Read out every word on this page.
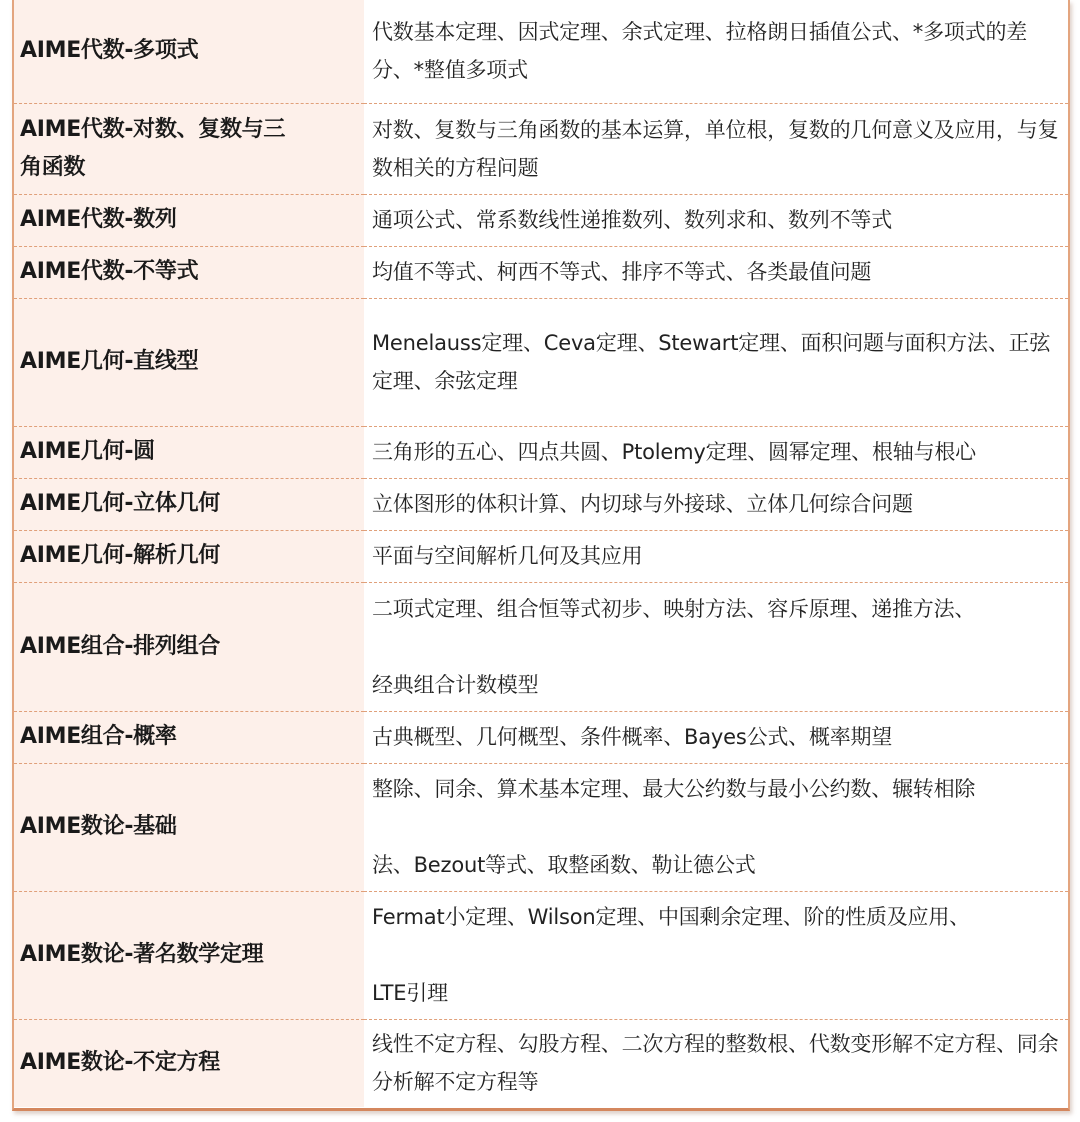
AIME代数-多项式	代数基本定理、因式定理、余式定理、拉格朗日插值公式、*多项式的差分、*整值多项式
AIME代数-对数、复数与三角函数	对数、复数与三角函数的基本运算，单位根，复数的几何意义及应用，与复数相关的方程问题
AIME代数-数列	通项公式、常系数线性递推数列、数列求和、数列不等式
AIME代数-不等式	均值不等式、柯西不等式、排序不等式、各类最值问题
AIME几何-直线型	Menelauss定理、Ceva定理、Stewart定理、面积问题与面积方法、正弦定理、余弦定理
AIME几何-圆	三角形的五心、四点共圆、Ptolemy定理、圆幂定理、根轴与根心
AIME几何-立体几何	立体图形的体积计算、内切球与外接球、立体几何综合问题
AIME几何-解析几何	平面与空间解析几何及其应用
AIME组合-排列组合	二项式定理、组合恒等式初步、映射方法、容斥原理、递推方法、
经典组合计数模型
AIME组合-概率	古典概型、几何概型、条件概率、Bayes公式、概率期望
AIME数论-基础	整除、同余、算术基本定理、最大公约数与最小公约数、辗转相除
法、Bezout等式、取整函数、勒让德公式
AIME数论-著名数学定理	Fermat小定理、Wilson定理、中国剩余定理、阶的性质及应用、
LTE引理
AIME数论-不定方程	线性不定方程、勾股方程、二次方程的整数根、代数变形解不定方程、同余分析解不定方程等
